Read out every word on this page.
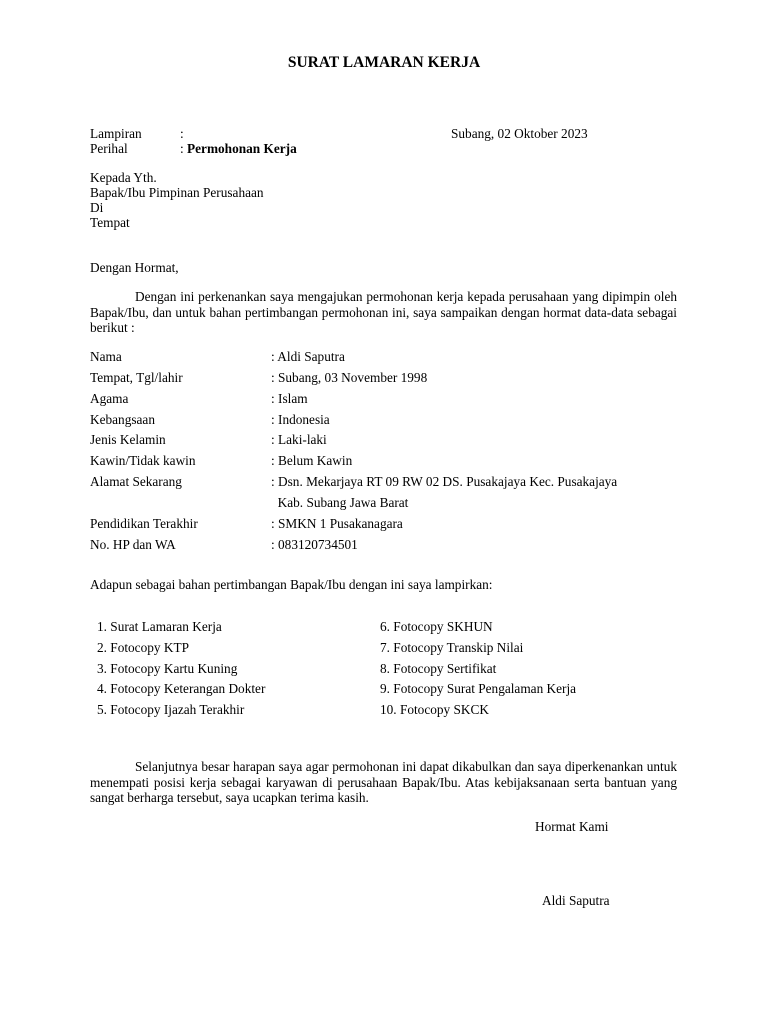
SURAT LAMARAN KERJA
Lampiran	:
Perihal	: Permohonan Kerja
Subang, 02 Oktober 2023
Kepada Yth.
Bapak/Ibu Pimpinan Perusahaan
Di
Tempat
Dengan Hormat,
Dengan ini perkenankan saya mengajukan permohonan kerja kepada perusahaan yang dipimpin oleh Bapak/Ibu, dan untuk bahan pertimbangan permohonan ini, saya sampaikan dengan hormat data-data sebagai berikut :
Nama	: Aldi Saputra
Tempat, Tgl/lahir	: Subang, 03 November 1998
Agama	: Islam
Kebangsaan	: Indonesia
Jenis Kelamin	: Laki-laki
Kawin/Tidak kawin	: Belum Kawin
Alamat Sekarang	: Dsn. Mekarjaya RT 09 RW 02 DS. Pusakajaya Kec. Pusakajaya
Kab. Subang Jawa Barat
Pendidikan Terakhir	: SMKN 1 Pusakanagara
No. HP dan WA	: 083120734501
Adapun sebagai bahan pertimbangan Bapak/Ibu dengan ini saya lampirkan:
1. Surat Lamaran Kerja
2. Fotocopy KTP
3. Fotocopy Kartu Kuning
4. Fotocopy Keterangan Dokter
5. Fotocopy Ijazah Terakhir
6. Fotocopy SKHUN
7. Fotocopy Transkip Nilai
8. Fotocopy Sertifikat
9. Fotocopy Surat Pengalaman Kerja
10. Fotocopy SKCK
Selanjutnya besar harapan saya agar permohonan ini dapat dikabulkan dan saya diperkenankan untuk menempati posisi kerja sebagai karyawan di perusahaan Bapak/Ibu. Atas kebijaksanaan serta bantuan yang sangat berharga tersebut, saya ucapkan terima kasih.
Hormat Kami
Aldi Saputra
